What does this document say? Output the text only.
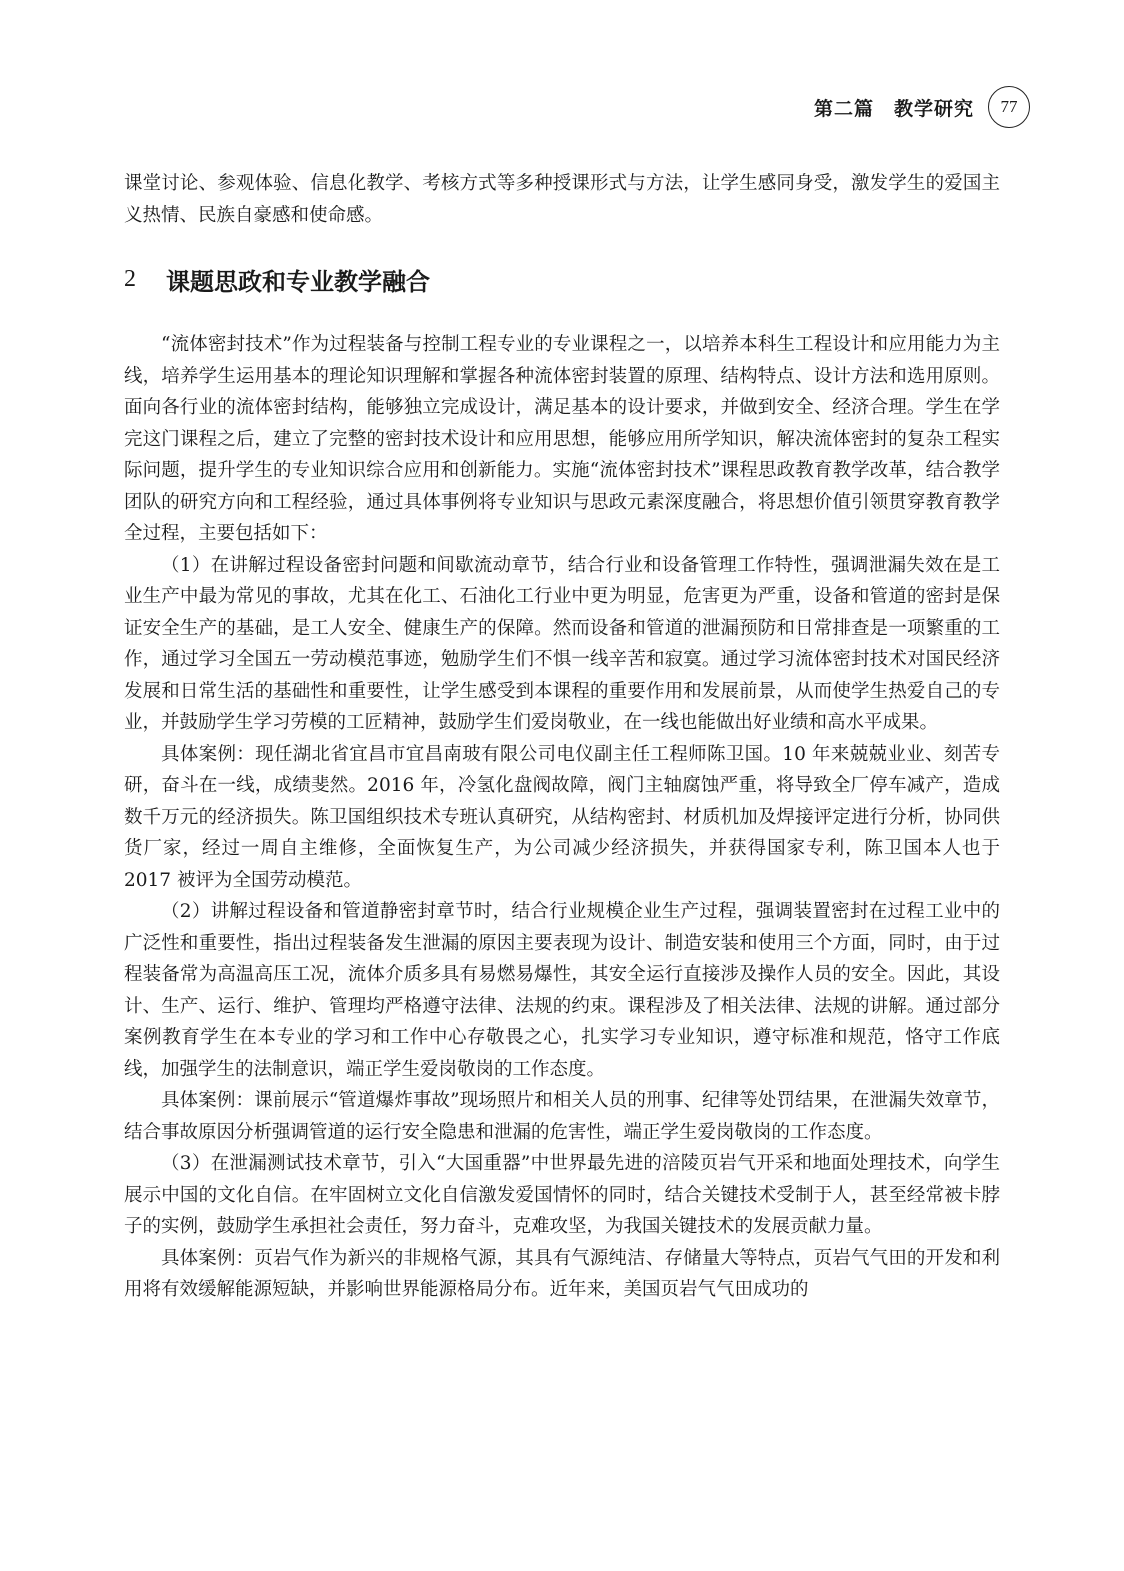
第二篇　教学研究	77

课堂讨论、参观体验、信息化教学、考核方式等多种授课形式与方法，让学生感同身受，激发学生的爱国主义热情、民族自豪感和使命感。

2	课题思政和专业教学融合

“流体密封技术”作为过程装备与控制工程专业的专业课程之一，以培养本科生工程设计和应用能力为主线，培养学生运用基本的理论知识理解和掌握各种流体密封装置的原理、结构特点、设计方法和选用原则。面向各行业的流体密封结构，能够独立完成设计，满足基本的设计要求，并做到安全、经济合理。学生在学完这门课程之后，建立了完整的密封技术设计和应用思想，能够应用所学知识，解决流体密封的复杂工程实际问题，提升学生的专业知识综合应用和创新能力。实施“流体密封技术”课程思政教育教学改革，结合教学团队的研究方向和工程经验，通过具体事例将专业知识与思政元素深度融合，将思想价值引领贯穿教育教学全过程，主要包括如下：

（1）在讲解过程设备密封问题和间歇流动章节，结合行业和设备管理工作特性，强调泄漏失效在是工业生产中最为常见的事故，尤其在化工、石油化工行业中更为明显，危害更为严重，设备和管道的密封是保证安全生产的基础，是工人安全、健康生产的保障。然而设备和管道的泄漏预防和日常排查是一项繁重的工作，通过学习全国五一劳动模范事迹，勉励学生们不惧一线辛苦和寂寞。通过学习流体密封技术对国民经济发展和日常生活的基础性和重要性，让学生感受到本课程的重要作用和发展前景，从而使学生热爱自己的专业，并鼓励学生学习劳模的工匠精神，鼓励学生们爱岗敬业，在一线也能做出好业绩和高水平成果。

具体案例：现任湖北省宜昌市宜昌南玻有限公司电仪副主任工程师陈卫国。10 年来兢兢业业、刻苦专研，奋斗在一线，成绩斐然。2016 年，冷氢化盘阀故障，阀门主轴腐蚀严重，将导致全厂停车减产，造成数千万元的经济损失。陈卫国组织技术专班认真研究，从结构密封、材质机加及焊接评定进行分析，协同供货厂家，经过一周自主维修，全面恢复生产，为公司减少经济损失，并获得国家专利，陈卫国本人也于 2017 被评为全国劳动模范。

（2）讲解过程设备和管道静密封章节时，结合行业规模企业生产过程，强调装置密封在过程工业中的广泛性和重要性，指出过程装备发生泄漏的原因主要表现为设计、制造安装和使用三个方面，同时，由于过程装备常为高温高压工况，流体介质多具有易燃易爆性，其安全运行直接涉及操作人员的安全。因此，其设计、生产、运行、维护、管理均严格遵守法律、法规的约束。课程涉及了相关法律、法规的讲解。通过部分案例教育学生在本专业的学习和工作中心存敬畏之心，扎实学习专业知识，遵守标准和规范，恪守工作底线，加强学生的法制意识，端正学生爱岗敬岗的工作态度。

具体案例：课前展示“管道爆炸事故”现场照片和相关人员的刑事、纪律等处罚结果，在泄漏失效章节，结合事故原因分析强调管道的运行安全隐患和泄漏的危害性，端正学生爱岗敬岗的工作态度。

（3）在泄漏测试技术章节，引入“大国重器”中世界最先进的涪陵页岩气开采和地面处理技术，向学生展示中国的文化自信。在牢固树立文化自信激发爱国情怀的同时，结合关键技术受制于人，甚至经常被卡脖子的实例，鼓励学生承担社会责任，努力奋斗，克难攻坚，为我国关键技术的发展贡献力量。

具体案例：页岩气作为新兴的非规格气源，其具有气源纯洁、存储量大等特点，页岩气气田的开发和利用将有效缓解能源短缺，并影响世界能源格局分布。近年来，美国页岩气气田成功的
